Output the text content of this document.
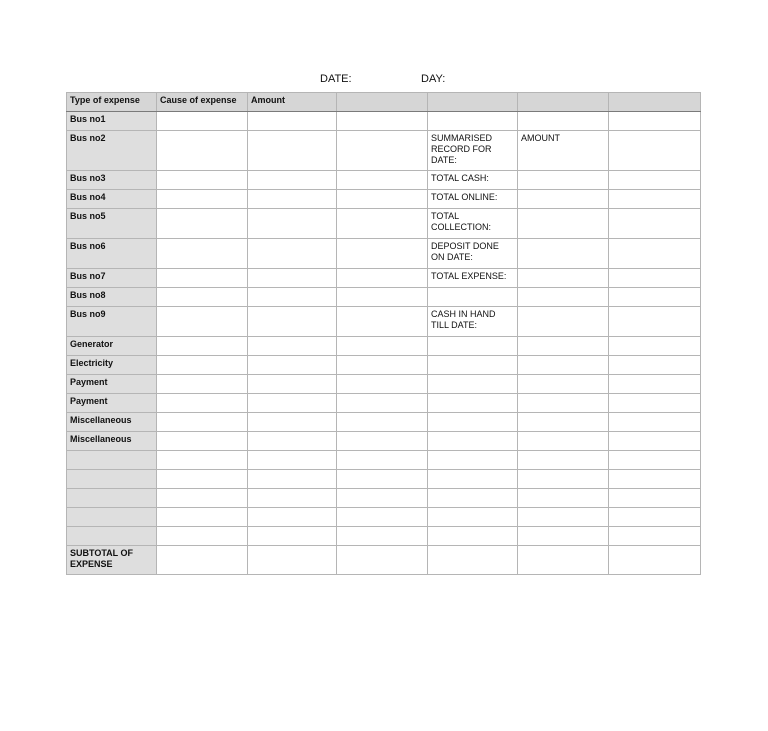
DATE:	DAY:
Type of expense	Cause of expense	Amount				
Bus no1						
Bus no2				SUMMARISED RECORD FOR DATE:	AMOUNT	
Bus no3				TOTAL CASH:		
Bus no4				TOTAL ONLINE:		
Bus no5				TOTAL COLLECTION:		
Bus no6				DEPOSIT DONE ON DATE:		
Bus no7				TOTAL EXPENSE:		
Bus no8						
Bus no9				CASH IN HAND TILL DATE:		
Generator						
Electricity						
Payment						
Payment						
Miscellaneous						
Miscellaneous						

SUBTOTAL OF EXPENSE						
